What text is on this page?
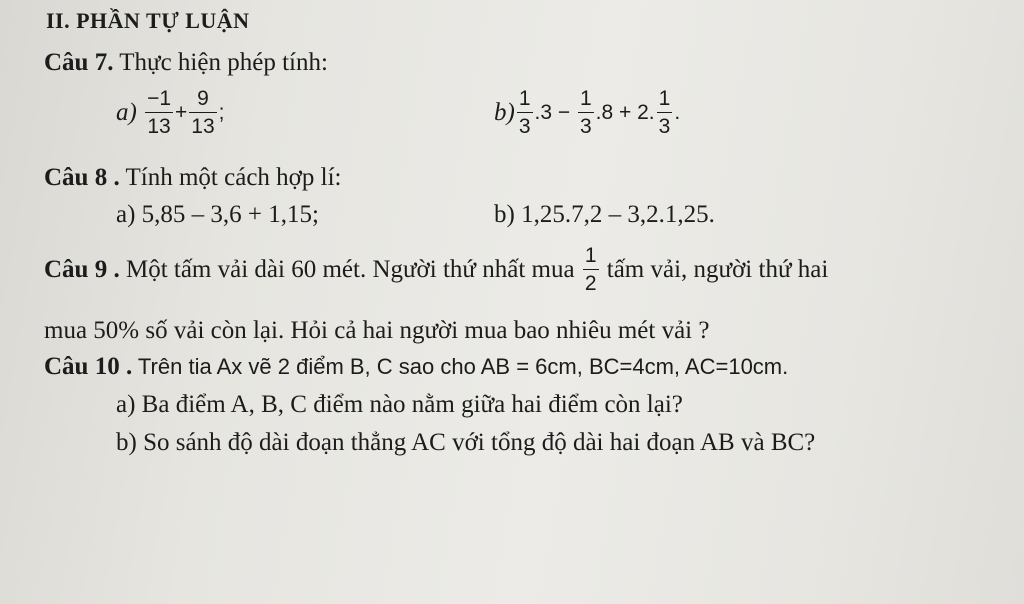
II. PHẦN TỰ LUẬN
Câu 7. Thực hiện phép tính:
$a) \frac{-1}{13} + \frac{9}{13}$ ;	$b) \frac{1}{3} .3 - \frac{1}{3} .8 + 2$. $\frac{1}{3}$ .
Câu 8 . Tính một cách hợp lí:
a) 5,85 – 3,6 + 1,15;	b) 1,25.7,2 – 3,2.1,25.
Câu 9 . Một tấm vải dài 60 mét. Người thứ nhất mua $\frac{1}{2}$ tấm vải, người thứ hai
mua 50% số vải còn lại. Hỏi cả hai người mua bao nhiêu mét vải ?
Câu 10 . Trên tia Ax vẽ 2 điểm B, C sao cho AB = 6cm, BC=4cm, AC=10cm.
a) Ba điểm A, B, C điểm nào nằm giữa hai điểm còn lại?
b) So sánh độ dài đoạn thẳng AC với tổng độ dài hai đoạn AB và BC?
